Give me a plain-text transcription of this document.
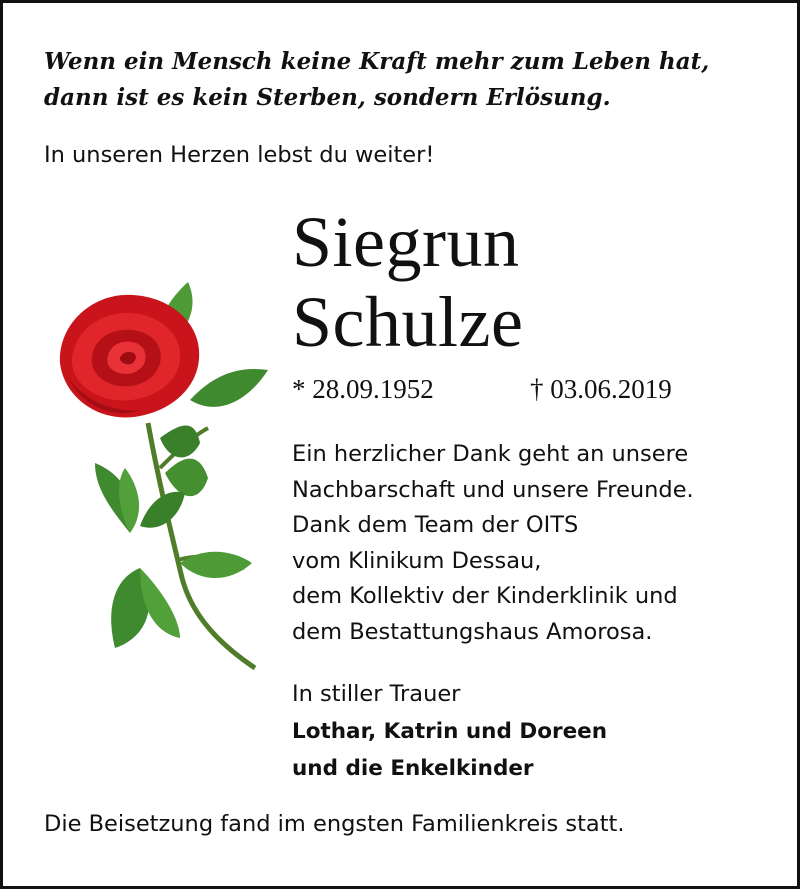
Wenn ein Mensch keine Kraft mehr zum Leben hat,
dann ist es kein Sterben, sondern Erlösung.
In unseren Herzen lebst du weiter!
Siegrun
Schulze
* 28.09.1952	† 03.06.2019
Ein herzlicher Dank geht an unsere
Nachbarschaft und unsere Freunde.
Dank dem Team der OITS
vom Klinikum Dessau,
dem Kollektiv der Kinderklinik und
dem Bestattungshaus Amorosa.
In stiller Trauer
Lothar, Katrin und Doreen
und die Enkelkinder
Die Beisetzung fand im engsten Familienkreis statt.
